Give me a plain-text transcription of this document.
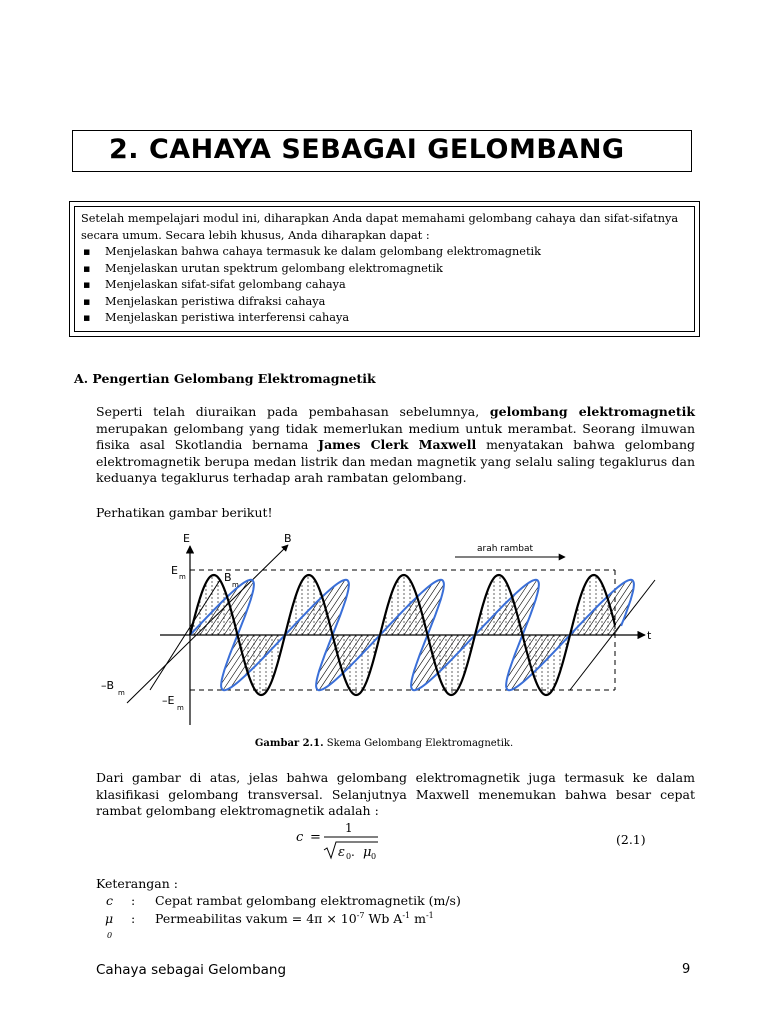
2. CAHAYA SEBAGAI GELOMBANG
Setelah mempelajari modul ini, diharapkan Anda dapat memahami gelombang cahaya dan sifat-sifatnya secara umum. Secara lebih khusus, Anda diharapkan dapat :
▪ Menjelaskan bahwa cahaya termasuk ke dalam gelombang elektromagnetik
▪ Menjelaskan urutan spektrum gelombang elektromagnetik
▪ Menjelaskan sifat-sifat gelombang cahaya
▪ Menjelaskan peristiwa difraksi cahaya
▪ Menjelaskan peristiwa interferensi cahaya
A. Pengertian Gelombang Elektromagnetik
Seperti telah diuraikan pada pembahasan sebelumnya, gelombang elektromagnetik merupakan gelombang yang tidak memerlukan medium untuk merambat. Seorang ilmuwan fisika asal Skotlandia bernama James Clerk Maxwell menyatakan bahwa gelombang elektromagnetik berupa medan listrik dan medan magnetik yang selalu saling tegaklurus dan keduanya tegaklurus terhadap arah rambatan gelombang.
Perhatikan gambar berikut!
E	B
E m	B
m
–B
m
–E
m
t
arah rambat
Gambar 2.1. Skema Gelombang Elektromagnetik.
Dari gambar di atas, jelas bahwa gelombang elektromagnetik juga termasuk ke dalam klasifikasi gelombang transversal. Selanjutnya Maxwell menemukan bahwa besar cepat rambat gelombang elektromagnetik adalah :
c =
1
ε 0 . μ 0
(2.1)
Keterangan :
c : Cepat rambat gelombang elektromagnetik (m/s)
μ
0
: Permeabilitas vakum = $4\pi \times 10^{-7}$ Wb $A^{-1}$ $m^{-1}$
Cahaya sebagai Gelombang	9
